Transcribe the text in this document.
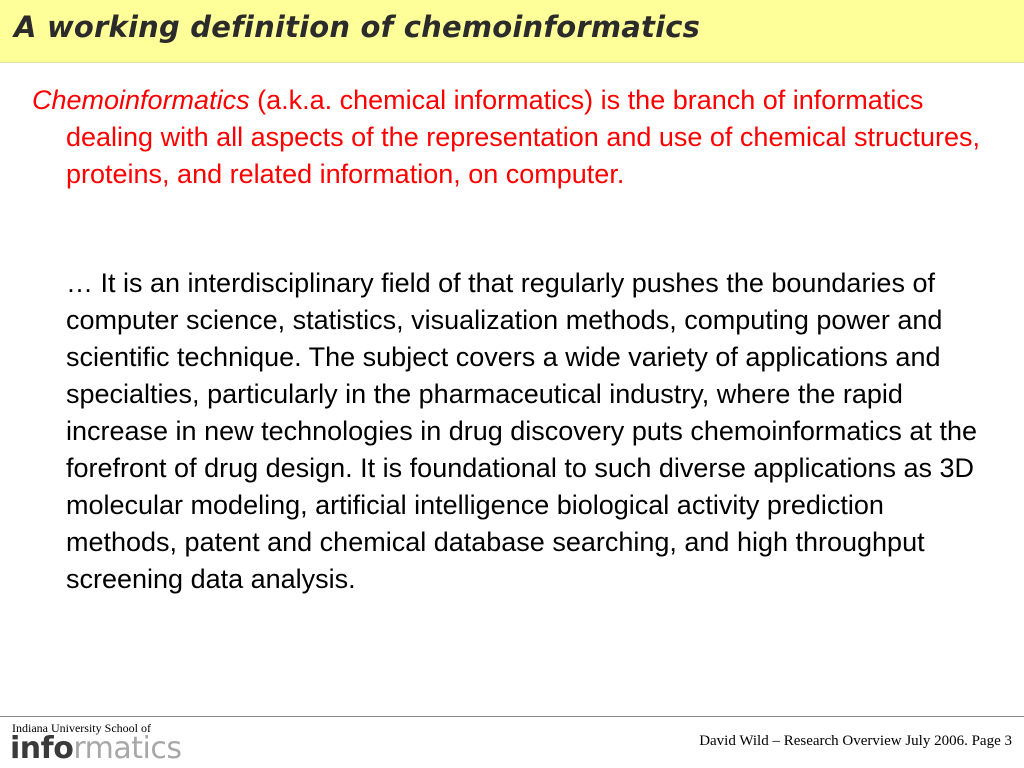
A working definition of chemoinformatics

Chemoinformatics (a.k.a. chemical informatics) is the branch of informatics dealing with all aspects of the representation and use of chemical structures, proteins, and related information, on computer.

… It is an interdisciplinary field of that regularly pushes the boundaries of computer science, statistics, visualization methods, computing power and scientific technique. The subject covers a wide variety of applications and specialties, particularly in the pharmaceutical industry, where the rapid increase in new technologies in drug discovery puts chemoinformatics at the forefront of drug design. It is foundational to such diverse applications as 3D molecular modeling, artificial intelligence biological activity prediction methods, patent and chemical database searching, and high throughput screening data analysis.

Indiana University School of
informatics	David Wild – Research Overview July 2006. Page 3
